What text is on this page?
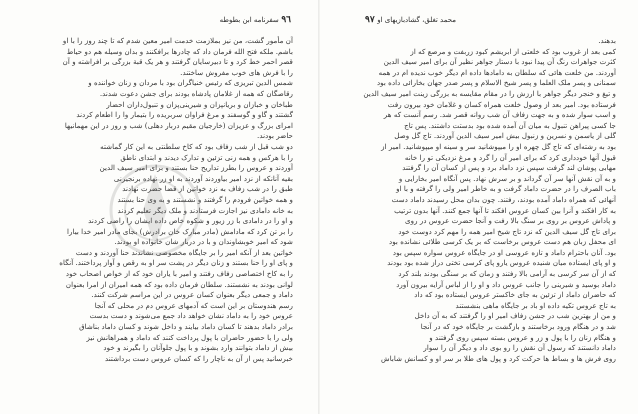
٩٦ سفرنامه ابن بطوطه
آن مأمور گشت، من نیز بملازمت خدمت امیر معین شدم که تا چند روز را با او
باشم. ملکه فتح الله فرمان داد که چادرها برافکنند و بدان وسیله هم دو حیاط
قصر احمر خط کرد و تا دبیرسایان گرفتند و هر یک قبة بزرگی بر افراشته و آن
را با فرش های خوب مفروش ساختند.
شمس الدین تبریزی که رئیس خنیاگران بود با مردان و زنان خواننده و
رقاصگان که همه از غلامان پادشاه بودند برای جشن دعوت شدند.
طباخان و خبازان و بریانپزان و شیرینی‌پزان و تنبول‌داران احضار
گشتند و گاو و گوسفند و مرغ فراوان سربریده را بتیمار وا را اطعام کردند
امرای بزرگ و عزیزان (خارجیان مقیم دربار دهلی) شب و روز در این مهمانیها
حاضر بودند.
دو شب قبل از شب زفاف بود که کاخ سلطنتی به این کار گماشته
را با هرکس و همه زنی تزئین و تدارک دیدند و ابتدای ناطق
آوردند و عروس را بطرز تداریح حنا بستند و برای امیر سیف الدین
بقیه آنانکه از نزد امیر بیاوردند آوردند به او زر نهاده برنجیرنی
طبق را در شب زفاف به نزد خواتین از قضا حضرت نهادند
و همه خواتین فرودم را گرفتند و نشستند و به وی حنا بستند
به خانه دامادی نیز اجازت فرستادند و ملک دیگر تعلیم کردند
و او را در دامادی با زر زیور و شکوه خاص داده ایشان را راضی کردند
را بر تن کرد که مادامش (مادر مبارک خان برادرش) بجای مادر امیر خدا بیارا
شود که امیر خوبشاوندان و با در دربار شان خانواده او بودند.
خواتین بعد از آنکه امیر را بر جایگاه مخصوصی نشاندند حنا آوردند و دست
و پای او را حنا بستند و زنان دیگر در پشت سر او به رقص و آواز پرداختند. آنگاه
را به کاخ اختصاصی زفاف رفتند و امیر با یاران خود که از خواص اصحاب خود
لوانی بودند به نشستند. سلطان فرمان داده بود که همه امیران از امرا بعنوان
داماد و جمعی دیگر بعنوان کسان عروس در این مراسم شرکت کنند.
رسم هندوستان بر این است که آدمهای عروس دم در محلی که آنجا
عروس خود را به داماد نشان خواهد داد جمع می‌شوند و دست بدست
برادر داماد بدهند تا کسان داماد بیایند و داخل شوند و کسان داماد بناشاق
ولی را با حضور حاضران با پول پرداخت کنند که داماد و همراهانش نیز
بیش از داماد بتوانند وارد بشوند و با پول جلوآنان را بگیرند و خود
خبرسانید پس از آن به ناچار را که کسان عروس دست برداشتند
محمد تغلق، گشادبازیهای او ٩٧
بدهند.
کمی بعد از غروب بود که خلعتی از ابریشم کبود زربفت و مرصع که از
کثرت جواهرات رنگ آن پیدا نبود با دستار جواهر نظیر آن برای امیر سیف الدین
آوردند. من خلعت هائی که سلطان به دامادها داده ام دیگر خوب ندیده ام در همه
سمنانی و پسر ملک العلما و پسر شیخ الاسلام و پسر صدر جهان بخارائی داده بود
و تیغ و خنجر دیگر جواهر با ارزش را در مقام مقایسه به بزرگی زینت امیر سیف الدین
فرستاده بود. امیر بعد از وصول خلعت همراه کسان و غلامان خود بیرون رفت
و اسب سوار شده و به جهت زفاف آن شب روانه قصر شد. رسم آنست که هر
جا کسی پیراهن تنبول به میان آن آمده شده بود بدستت داشتند. پس تاج
گلی از یاسمن و نسرین و زنبول بیش امیر سیف الدین آوردند. تاج گل وصل
بود به رشته‌ای که تاج گل چهره او را میپوشانید سر و سینه او میپوشانید. امیر از
قبول آنها خودداری کرد که برای امیر آن را گرد و مرغ نزدیکی تو را خانه
مهابی پوشان لند گرفت سپس نزد داماد برد و پس از کسان آن را گرفتند
و به آن نقش آنها سر آن گرداند و بر سرش نهاد. پس آنگاه امیر بخارایی و
باب الصرف را در حضرت داماد گرفت و به خاطر امیر ولی را گرفته و با او
آنهائی که همراه داماد آمده بودند، رفتند. چون بدان محل رسیدند داماد دست
به کار افکند و آنرا بین کسان عروس افکند تا آنها جمع کنند. آنها بدون ترتیب
و پاداش عروس بر روی بر سنگ بالا رفت و آنجا حضرت عروس در روی
برای تاج گل سیف الدین که نزد تاج شیخ امیر همه را مهم کرد دوست خود
ای محفل زبان هم دست عروس برخاست که بر یک کرسی طلائی نشانده بود
بود. آنان باحترام داماد و تازه عروسی او در جایگاه عروس سواره سپس بود
و او پای ایستاده میان شنیده عروس یارو پای کرسی تختی دراز شده بود بودند
که از آن سر کرسی به آرامی بالا رفتند و زمان که بر سنگی بودند بلند کرد
داماد بوسید و شیرینی را جانب عروس داد و او را از لباس آرایه بیرون آورد
که حاضران داماد از تزئین به جای خاکستر عروس ایستاده بود که داد
به تاج عروس تکیه داده او باد بر جایگاه ماهی بنشستند
و من از بهترین شب در جشن زفاف امیر او را گرفتند که به آن داخل
شد و در هنگام ورود برخاستند و بازگشت بر جایگاه خود که در آنجا
و هنگام زنان را با پول و زر و عروس بسته سپس روی گرفتند و
داماد دانستند که رسول آن نقش را رو بوی داد و دیگر آن را سوار
روی فرش ها و بساط ها حرکت کرد و پول های طلا بر سر او و کسانش شاباش
